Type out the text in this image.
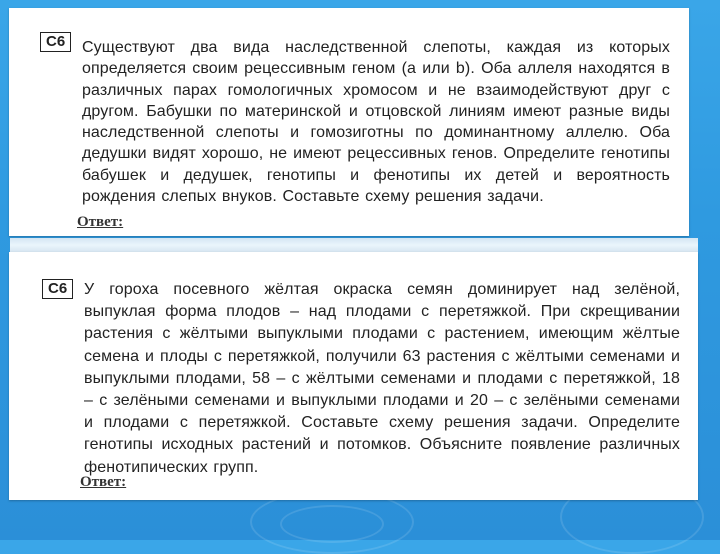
С6	Существуют два вида наследственной слепоты, каждая из которых определяется своим рецессивным геном (а или b). Оба аллеля находятся в различных парах гомологичных хромосом и не взаимодействуют друг с другом. Бабушки по материнской и отцовской линиям имеют разные виды наследственной слепоты и гомозиготны по доминантному аллелю. Оба дедушки видят хорошо, не имеют рецессивных генов. Определите генотипы бабушек и дедушек, генотипы и фенотипы их детей и вероятность рождения слепых внуков. Составьте схему решения задачи.

Ответ:
С6	У гороха посевного жёлтая окраска семян доминирует над зелёной, выпуклая форма плодов – над плодами с перетяжкой. При скрещивании растения с жёлтыми выпуклыми плодами с растением, имеющим жёлтые семена и плоды с перетяжкой, получили 63 растения с жёлтыми семенами и выпуклыми плодами, 58 – с жёлтыми семенами и плодами с перетяжкой, 18 – с зелёными семенами и выпуклыми плодами и 20 – с зелёными семенами и плодами с перетяжкой. Составьте схему решения задачи. Определите генотипы исходных растений и потомков. Объясните появление различных фенотипических групп.

Ответ:
